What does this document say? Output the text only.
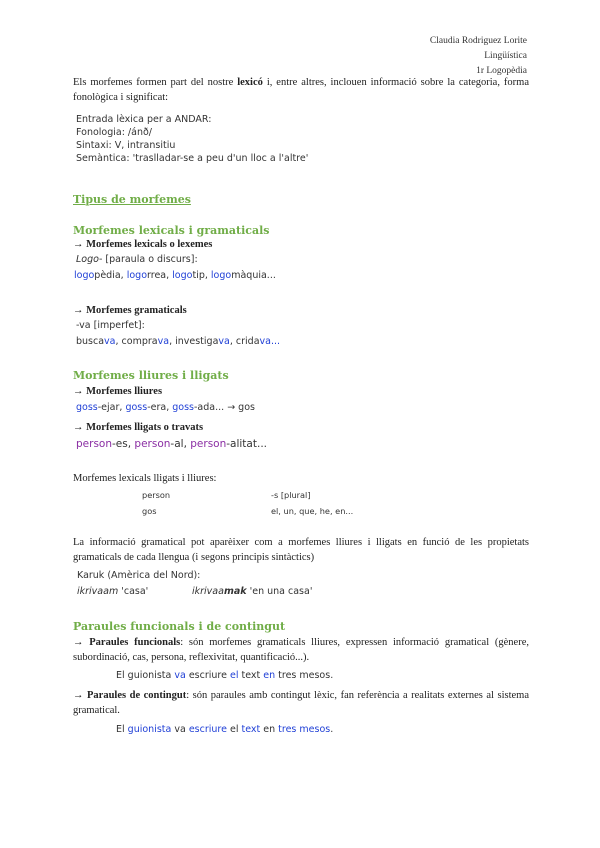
Claudia Rodriguez Lorite
Lingüística
1r Logopèdia
Els morfemes formen part del nostre lexicó i, entre altres, inclouen informació sobre la categoria, forma fonològica i significat:
Entrada lèxica per a ANDAR:
Fonologia: /ánð/
Sintaxi: V, intransitiu
Semàntica: 'traslladar-se a peu d'un lloc a l'altre'
Tipus de morfemes
Morfemes lexicals i gramaticals
→ Morfemes lexicals o lexemes
Logo- [paraula o discurs]:
logopèdia, logorrea, logotip, logomàquia...
→ Morfemes gramaticals
-va [imperfet]:
buscava, comprava, investigava, cridava...
Morfemes lliures i lligats
→ Morfemes lliures
goss-ejar, goss-era, goss-ada... → gos
→ Morfemes lligats o travats
person-es, person-al, person-alitat...
Morfemes lexicals lligats i lliures:
person	-s [plural]
gos	el, un, que, he, en...
La informació gramatical pot aparèixer com a morfemes lliures i lligats en funció de les propietats gramaticals de cada llengua (i segons principis sintàctics)
Karuk (Amèrica del Nord):
ikrivaam 'casa'	ikrivaamak 'en una casa'
Paraules funcionals i de contingut
→ Paraules funcionals: són morfemes gramaticals lliures, expressen informació gramatical (gènere, subordinació, cas, persona, reflexivitat, quantificació...).
El guionista va escriure el text en tres mesos.
→ Paraules de contingut: són paraules amb contingut lèxic, fan referència a realitats externes al sistema gramatical.
El guionista va escriure el text en tres mesos.
